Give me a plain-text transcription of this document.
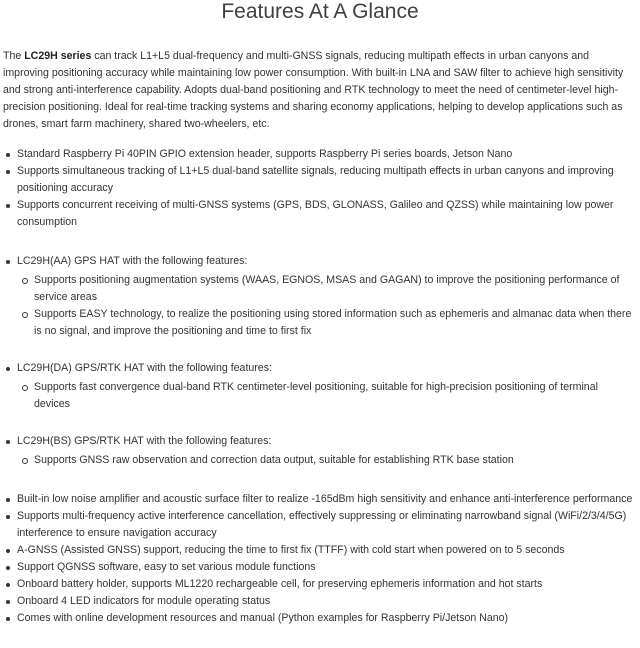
Features At A Glance

The LC29H series can track L1+L5 dual-frequency and multi-GNSS signals, reducing multipath effects in urban canyons and improving positioning accuracy while maintaining low power consumption. With built-in LNA and SAW filter to achieve high sensitivity and strong anti-interference capability. Adopts dual-band positioning and RTK technology to meet the need of centimeter-level high-precision positioning. Ideal for real-time tracking systems and sharing economy applications, helping to develop applications such as drones, smart farm machinery, shared two-wheelers, etc.

Standard Raspberry Pi 40PIN GPIO extension header, supports Raspberry Pi series boards, Jetson Nano
Supports simultaneous tracking of L1+L5 dual-band satellite signals, reducing multipath effects in urban canyons and improving positioning accuracy
Supports concurrent receiving of multi-GNSS systems (GPS, BDS, GLONASS, Galileo and QZSS) while maintaining low power consumption
LC29H(AA) GPS HAT with the following features:
Supports positioning augmentation systems (WAAS, EGNOS, MSAS and GAGAN) to improve the positioning performance of service areas
Supports EASY technology, to realize the positioning using stored information such as ephemeris and almanac data when there is no signal, and improve the positioning and time to first fix
LC29H(DA) GPS/RTK HAT with the following features:
Supports fast convergence dual-band RTK centimeter-level positioning, suitable for high-precision positioning of terminal devices
LC29H(BS) GPS/RTK HAT with the following features:
Supports GNSS raw observation and correction data output, suitable for establishing RTK base station
Built-in low noise amplifier and acoustic surface filter to realize -165dBm high sensitivity and enhance anti-interference performance
Supports multi-frequency active interference cancellation, effectively suppressing or eliminating narrowband signal (WiFi/2/3/4/5G) interference to ensure navigation accuracy
A-GNSS (Assisted GNSS) support, reducing the time to first fix (TTFF) with cold start when powered on to 5 seconds
Support QGNSS software, easy to set various module functions
Onboard battery holder, supports ML1220 rechargeable cell, for preserving ephemeris information and hot starts
Onboard 4 LED indicators for module operating status
Comes with online development resources and manual (Python examples for Raspberry Pi/Jetson Nano)
